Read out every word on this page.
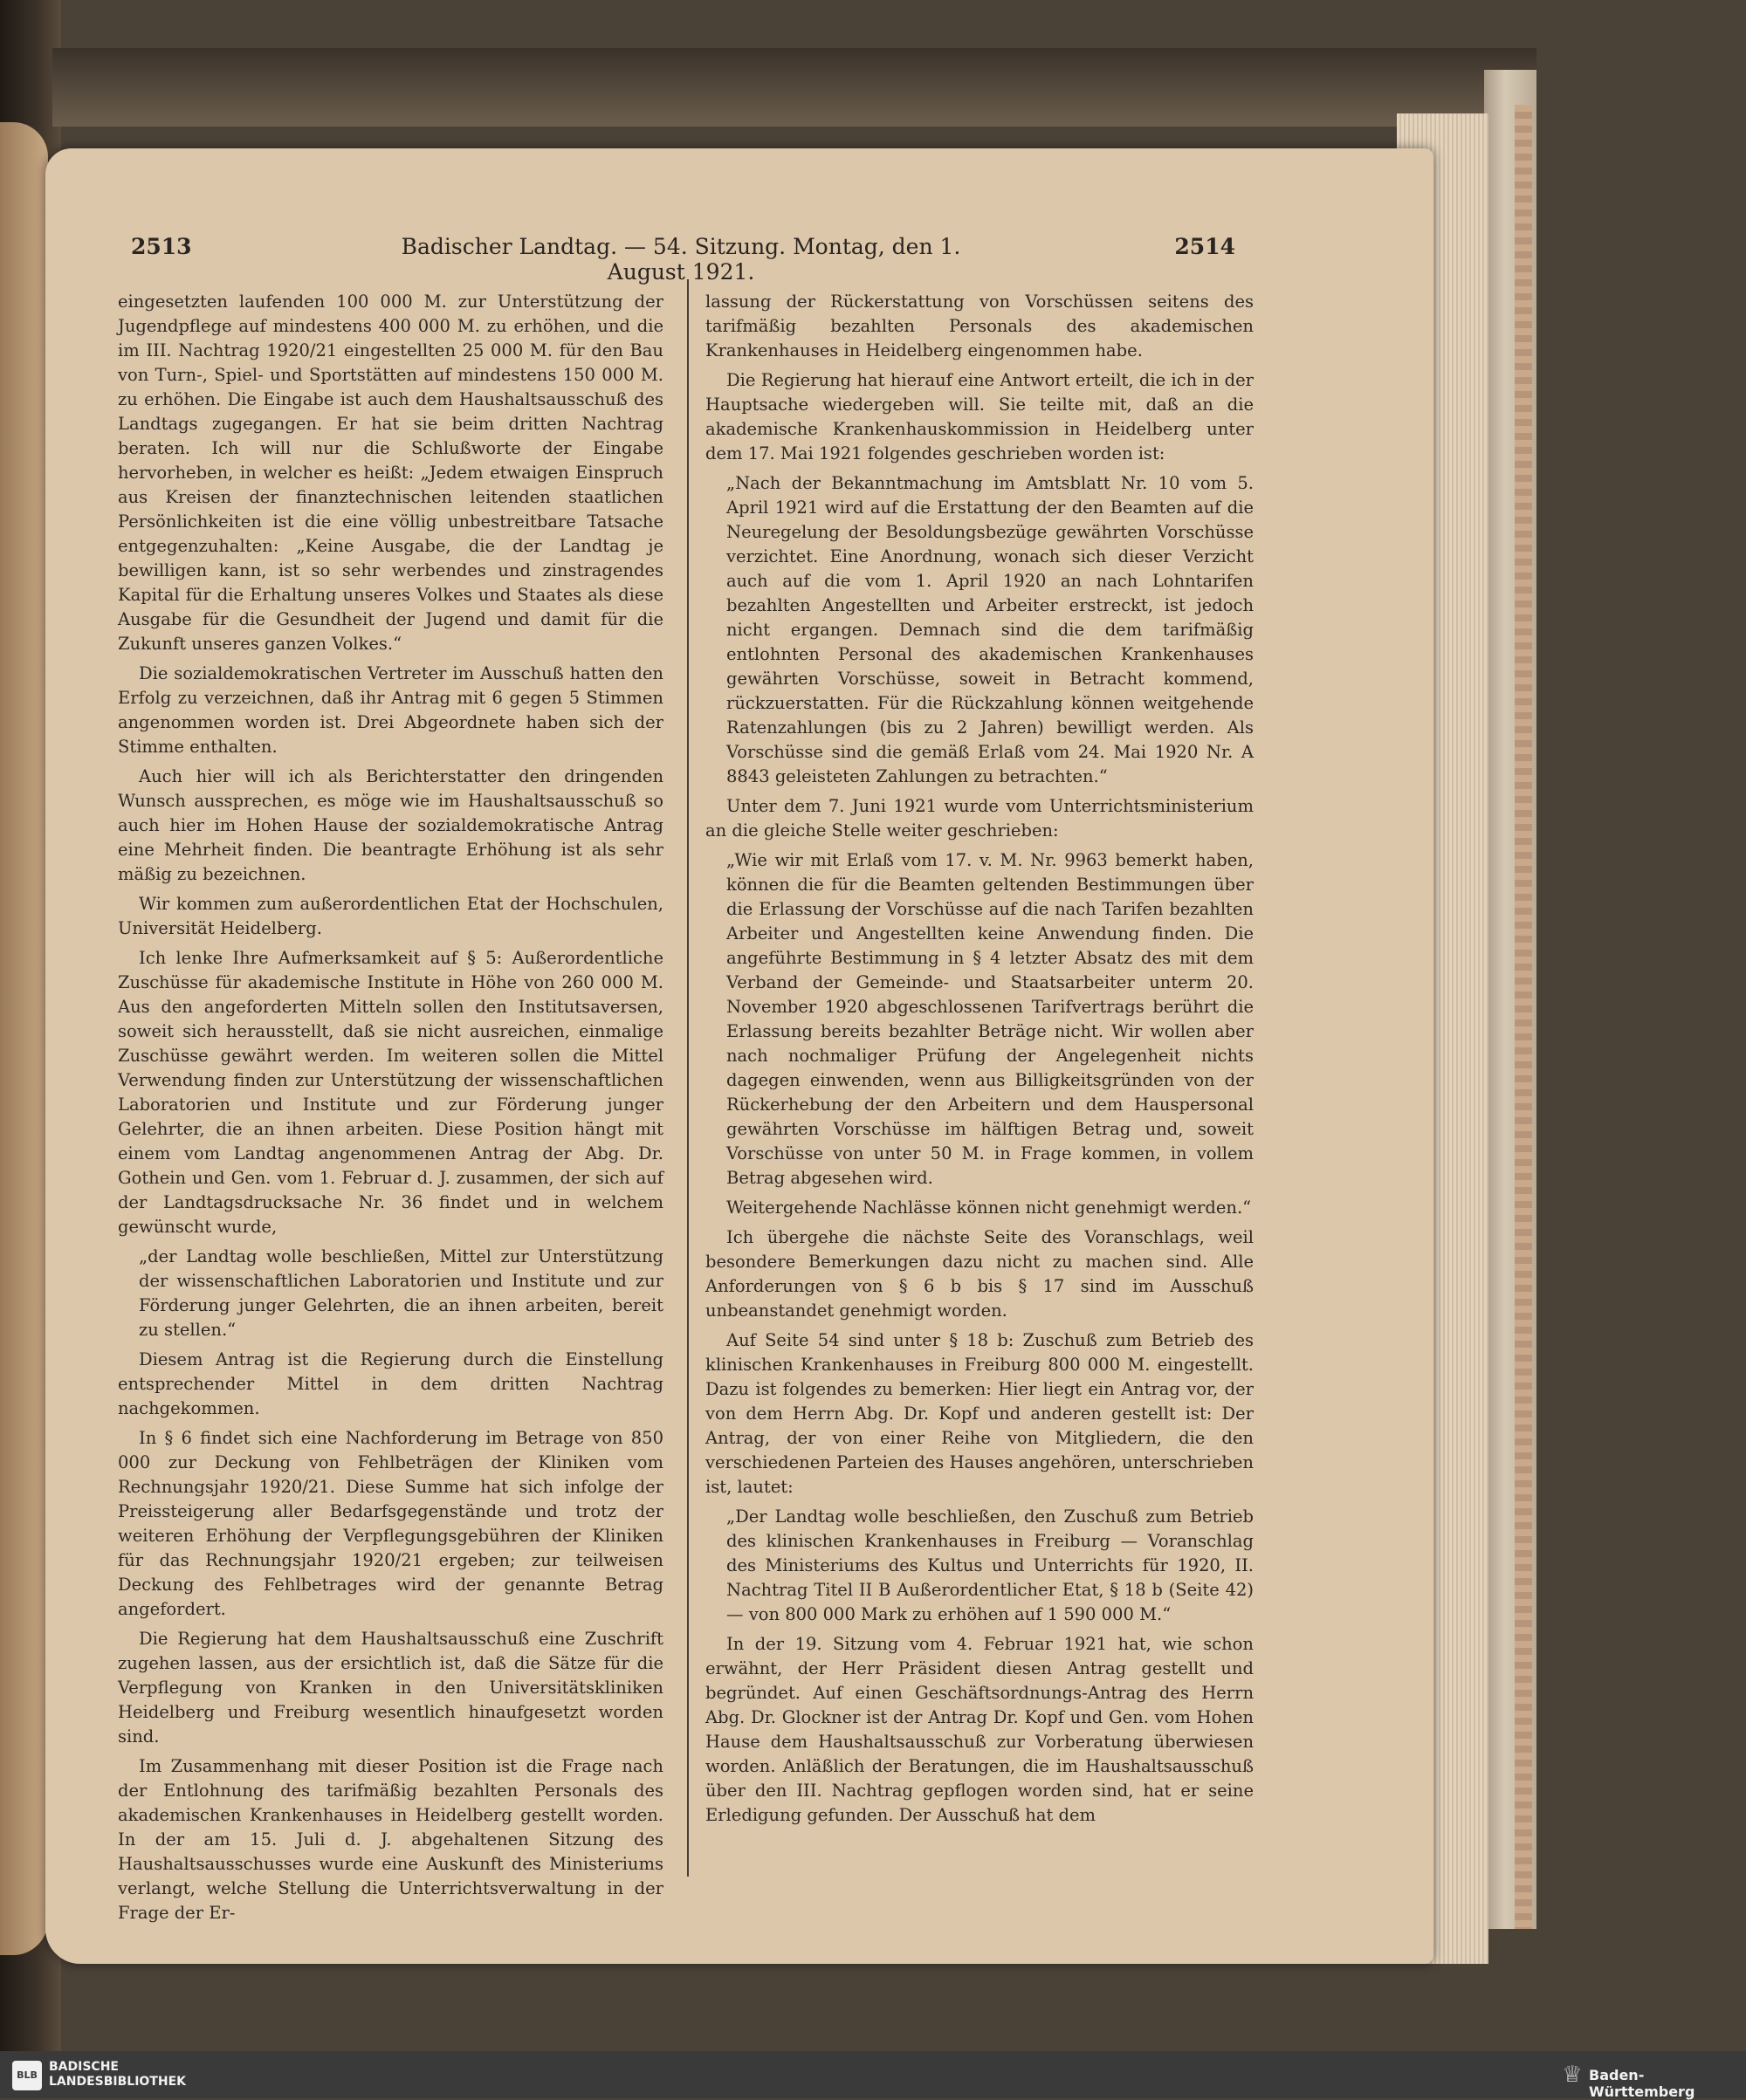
2513	Badischer Landtag. — 54. Sitzung. Montag, den 1. August 1921.
2514

eingesetzten laufenden 100 000 M. zur Unterstützung der Jugendpflege auf mindestens 400 000 M. zu erhöhen, und die im III. Nachtrag 1920/21 eingestellten 25 000 M. für den Bau von Turn-, Spiel- und Sportstätten auf mindestens 150 000 M. zu erhöhen. Die Eingabe ist auch dem Haushaltsausschuß des Landtags zugegangen. Er hat sie beim dritten Nachtrag beraten. Ich will nur die Schlußworte der Eingabe hervorheben, in welcher es heißt: „Jedem etwaigen Einspruch aus Kreisen der finanztechnischen leitenden staatlichen Persönlichkeiten ist die eine völlig unbestreitbare Tatsache entgegenzuhalten: „Keine Ausgabe, die der Landtag je bewilligen kann, ist so sehr werbendes und zinstragendes Kapital für die Erhaltung unseres Volkes und Staates als diese Ausgabe für die Gesundheit der Jugend und damit für die Zukunft unseres ganzen Volkes.“

Die sozialdemokratischen Vertreter im Ausschuß hatten den Erfolg zu verzeichnen, daß ihr Antrag mit 6 gegen 5 Stimmen angenommen worden ist. Drei Abgeordnete haben sich der Stimme enthalten.

Auch hier will ich als Berichterstatter den dringenden Wunsch aussprechen, es möge wie im Haushaltsausschuß so auch hier im Hohen Hause der sozialdemokratische Antrag eine Mehrheit finden. Die beantragte Erhöhung ist als sehr mäßig zu bezeichnen.

Wir kommen zum außerordentlichen Etat der Hochschulen, Universität Heidelberg.

Ich lenke Ihre Aufmerksamkeit auf § 5: Außerordentliche Zuschüsse für akademische Institute in Höhe von 260 000 M. Aus den angeforderten Mitteln sollen den Institutsaversen, soweit sich herausstellt, daß sie nicht ausreichen, einmalige Zuschüsse gewährt werden. Im weiteren sollen die Mittel Verwendung finden zur Unterstützung der wissenschaftlichen Laboratorien und Institute und zur Förderung junger Gelehrter, die an ihnen arbeiten. Diese Position hängt mit einem vom Landtag angenommenen Antrag der Abg. Dr. Gothein und Gen. vom 1. Februar d. J. zusammen, der sich auf der Landtagsdrucksache Nr. 36 findet und in welchem gewünscht wurde,

„der Landtag wolle beschließen, Mittel zur Unterstützung der wissenschaftlichen Laboratorien und Institute und zur Förderung junger Gelehrten, die an ihnen arbeiten, bereit zu stellen.“

Diesem Antrag ist die Regierung durch die Einstellung entsprechender Mittel in dem dritten Nachtrag nachgekommen.

In § 6 findet sich eine Nachforderung im Betrage von 850 000 zur Deckung von Fehlbeträgen der Kliniken vom Rechnungsjahr 1920/21. Diese Summe hat sich infolge der Preissteigerung aller Bedarfsgegenstände und trotz der weiteren Erhöhung der Verpflegungsgebühren der Kliniken für das Rechnungsjahr 1920/21 ergeben; zur teilweisen Deckung des Fehlbetrages wird der genannte Betrag angefordert.

Die Regierung hat dem Haushaltsausschuß eine Zuschrift zugehen lassen, aus der ersichtlich ist, daß die Sätze für die Verpflegung von Kranken in den Universitätskliniken Heidelberg und Freiburg wesentlich hinaufgesetzt worden sind.

Im Zusammenhang mit dieser Position ist die Frage nach der Entlohnung des tarifmäßig bezahlten Personals des akademischen Krankenhauses in Heidelberg gestellt worden. In der am 15. Juli d. J. abgehaltenen Sitzung des Haushaltsausschusses wurde eine Auskunft des Ministeriums verlangt, welche Stellung die Unterrichtsverwaltung in der Frage der Er-

lassung der Rückerstattung von Vorschüssen seitens des tarifmäßig bezahlten Personals des akademischen Krankenhauses in Heidelberg eingenommen habe.

Die Regierung hat hierauf eine Antwort erteilt, die ich in der Hauptsache wiedergeben will. Sie teilte mit, daß an die akademische Krankenhauskommission in Heidelberg unter dem 17. Mai 1921 folgendes geschrieben worden ist:

„Nach der Bekanntmachung im Amtsblatt Nr. 10 vom 5. April 1921 wird auf die Erstattung der den Beamten auf die Neuregelung der Besoldungsbezüge gewährten Vorschüsse verzichtet. Eine Anordnung, wonach sich dieser Verzicht auch auf die vom 1. April 1920 an nach Lohntarifen bezahlten Angestellten und Arbeiter erstreckt, ist jedoch nicht ergangen. Demnach sind die dem tarifmäßig entlohnten Personal des akademischen Krankenhauses gewährten Vorschüsse, soweit in Betracht kommend, rückzuerstatten. Für die Rückzahlung können weitgehende Ratenzahlungen (bis zu 2 Jahren) bewilligt werden. Als Vorschüsse sind die gemäß Erlaß vom 24. Mai 1920 Nr. A 8843 geleisteten Zahlungen zu betrachten.“

Unter dem 7. Juni 1921 wurde vom Unterrichtsministerium an die gleiche Stelle weiter geschrieben:

„Wie wir mit Erlaß vom 17. v. M. Nr. 9963 bemerkt haben, können die für die Beamten geltenden Bestimmungen über die Erlassung der Vorschüsse auf die nach Tarifen bezahlten Arbeiter und Angestellten keine Anwendung finden. Die angeführte Bestimmung in § 4 letzter Absatz des mit dem Verband der Gemeinde- und Staatsarbeiter unterm 20. November 1920 abgeschlossenen Tarifvertrags berührt die Erlassung bereits bezahlter Beträge nicht. Wir wollen aber nach nochmaliger Prüfung der Angelegenheit nichts dagegen einwenden, wenn aus Billigkeitsgründen von der Rückerhebung der den Arbeitern und dem Hauspersonal gewährten Vorschüsse im hälftigen Betrag und, soweit Vorschüsse von unter 50 M. in Frage kommen, in vollem Betrag abgesehen wird.

Weitergehende Nachlässe können nicht genehmigt werden.“

Ich übergehe die nächste Seite des Voranschlags, weil besondere Bemerkungen dazu nicht zu machen sind. Alle Anforderungen von § 6 b bis § 17 sind im Ausschuß unbeanstandet genehmigt worden.

Auf Seite 54 sind unter § 18 b: Zuschuß zum Betrieb des klinischen Krankenhauses in Freiburg 800 000 M. eingestellt. Dazu ist folgendes zu bemerken: Hier liegt ein Antrag vor, der von dem Herrn Abg. Dr. Kopf und anderen gestellt ist: Der Antrag, der von einer Reihe von Mitgliedern, die den verschiedenen Parteien des Hauses angehören, unterschrieben ist, lautet:

„Der Landtag wolle beschließen, den Zuschuß zum Betrieb des klinischen Krankenhauses in Freiburg — Voranschlag des Ministeriums des Kultus und Unterrichts für 1920, II. Nachtrag Titel II B Außerordentlicher Etat, § 18 b (Seite 42) — von 800 000 Mark zu erhöhen auf 1 590 000 M.“

In der 19. Sitzung vom 4. Februar 1921 hat, wie schon erwähnt, der Herr Präsident diesen Antrag gestellt und begründet. Auf einen Geschäftsordnungs-Antrag des Herrn Abg. Dr. Glockner ist der Antrag Dr. Kopf und Gen. vom Hohen Hause dem Haushaltsausschuß zur Vorberatung überwiesen worden. Anläßlich der Beratungen, die im Haushaltsausschuß über den III. Nachtrag gepflogen worden sind, hat er seine Erledigung gefunden. Der Ausschuß hat dem

BLB
BADISCHE
LANDESBIBLIOTHEK	♕ Baden-Württemberg
